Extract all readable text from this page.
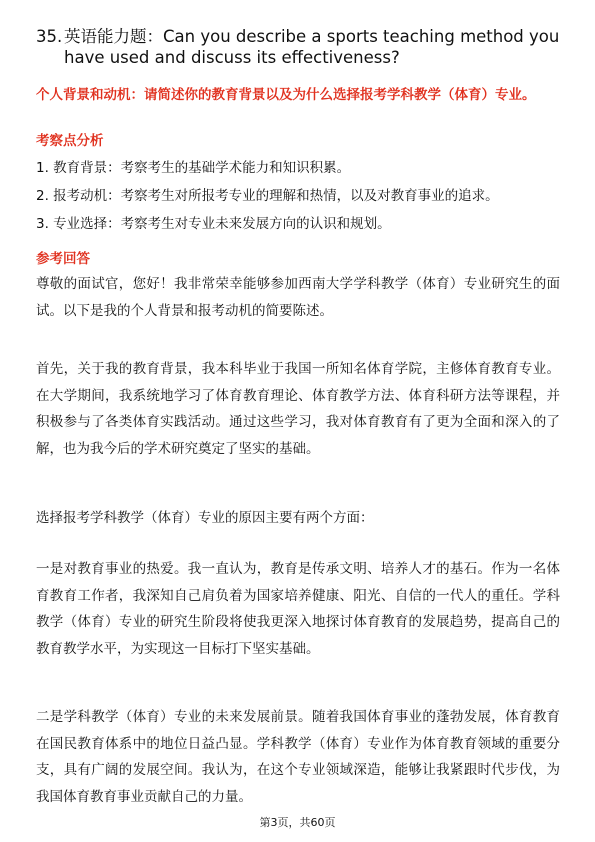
35. 英语能力题：Can you describe a sports teaching method you have used and discuss its effectiveness?
个人背景和动机：请简述你的教育背景以及为什么选择报考学科教学（体育）专业。
考察点分析
1. 教育背景：考察考生的基础学术能力和知识积累。
2. 报考动机：考察考生对所报考专业的理解和热情，以及对教育事业的追求。
3. 专业选择：考察考生对专业未来发展方向的认识和规划。
参考回答
尊敬的面试官，您好！我非常荣幸能够参加西南大学学科教学（体育）专业研究生的面试。以下是我的个人背景和报考动机的简要陈述。
首先，关于我的教育背景，我本科毕业于我国一所知名体育学院，主修体育教育专业。在大学期间，我系统地学习了体育教育理论、体育教学方法、体育科研方法等课程，并积极参与了各类体育实践活动。通过这些学习，我对体育教育有了更为全面和深入的了解，也为我今后的学术研究奠定了坚实的基础。
选择报考学科教学（体育）专业的原因主要有两个方面：
一是对教育事业的热爱。我一直认为，教育是传承文明、培养人才的基石。作为一名体育教育工作者，我深知自己肩负着为国家培养健康、阳光、自信的一代人的重任。学科教学（体育）专业的研究生阶段将使我更深入地探讨体育教育的发展趋势，提高自己的教育教学水平，为实现这一目标打下坚实基础。
二是学科教学（体育）专业的未来发展前景。随着我国体育事业的蓬勃发展，体育教育在国民教育体系中的地位日益凸显。学科教学（体育）专业作为体育教育领域的重要分支，具有广阔的发展空间。我认为，在这个专业领域深造，能够让我紧跟时代步伐，为我国体育教育事业贡献自己的力量。
第3页，共60页
